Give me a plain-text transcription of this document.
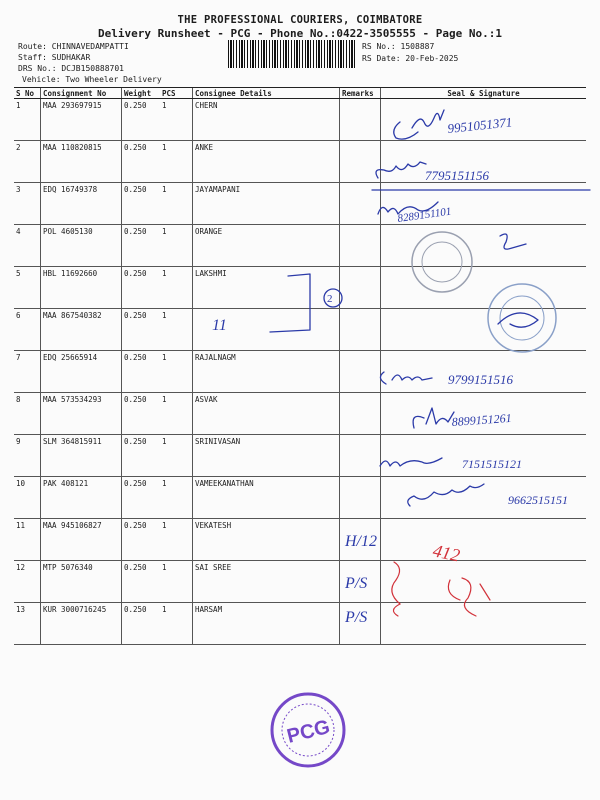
THE PROFESSIONAL COURIERS, COIMBATORE
Delivery Runsheet - PCG - Phone No.:0422-3505555 - Page No.:1
Route: CHINNAVEDAMPATTI
Staff: SUDHAKAR
DRS No.: DCJB150888701
Vehicle: Two Wheeler Delivery
RS No.: 1508887
RS Date: 20-Feb-2025
S No	Consignment No	Weight	PCS	Consignee Details	Remarks	Seal & Signature
1	MAA 293697915	0.250	1	CHERN		
2	MAA 110820815	0.250	1	ANKE		
3	EDQ 16749378	0.250	1	JAYAMAPANI		
4	POL 4605130	0.250	1	ORANGE		
5	HBL 11692660	0.250	1	LAKSHMI		
6	MAA 867540382	0.250	1			
7	EDQ 25665914	0.250	1	RAJALNAGM		
8	MAA 573534293	0.250	1	ASVAK		
9	SLM 364815911	0.250	1	SRINIVASAN		
10	PAK 408121	0.250	1	VAMEEKANATHAN		
11	MAA 945106827	0.250	1	VEKATESH		
12	MTP 5076340	0.250	1	SAI SREE		
13	KUR 3000716245	0.250	1	HARSAM		
9951051371
7795151156
8289151101
2
11
9799151516
8899151261
7151515121
9662515151
H/12
P/S
P/S
412
PCG
